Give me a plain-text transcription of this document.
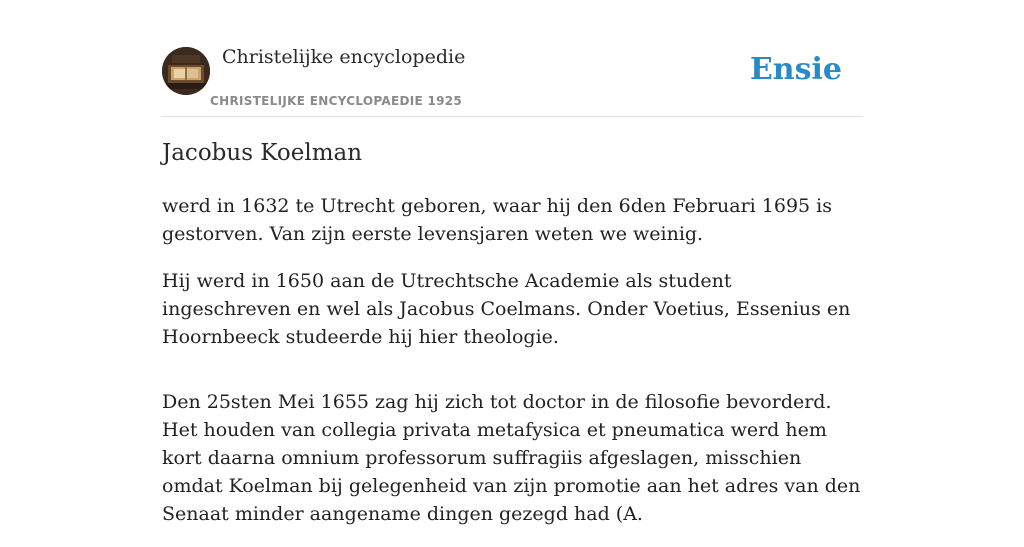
Christelijke encyclopedie
CHRISTELIJKE ENCYCLOPAEDIE 1925
Ensie
Jacobus Koelman

werd in 1632 te Utrecht geboren, waar hij den 6den Februari 1695 is gestorven. Van zijn eerste levensjaren weten we weinig.

Hij werd in 1650 aan de Utrechtsche Academie als student ingeschreven en wel als Jacobus Coelmans. Onder Voetius, Essenius en Hoornbeeck studeerde hij hier theologie.

Den 25sten Mei 1655 zag hij zich tot doctor in de filosofie bevorderd. Het houden van collegia privata metafysica et pneumatica werd hem kort daarna omnium professorum suffragiis afgeslagen, misschien omdat Koelman bij gelegenheid van zijn promotie aan het adres van den Senaat minder aangename dingen gezegd had (A.
